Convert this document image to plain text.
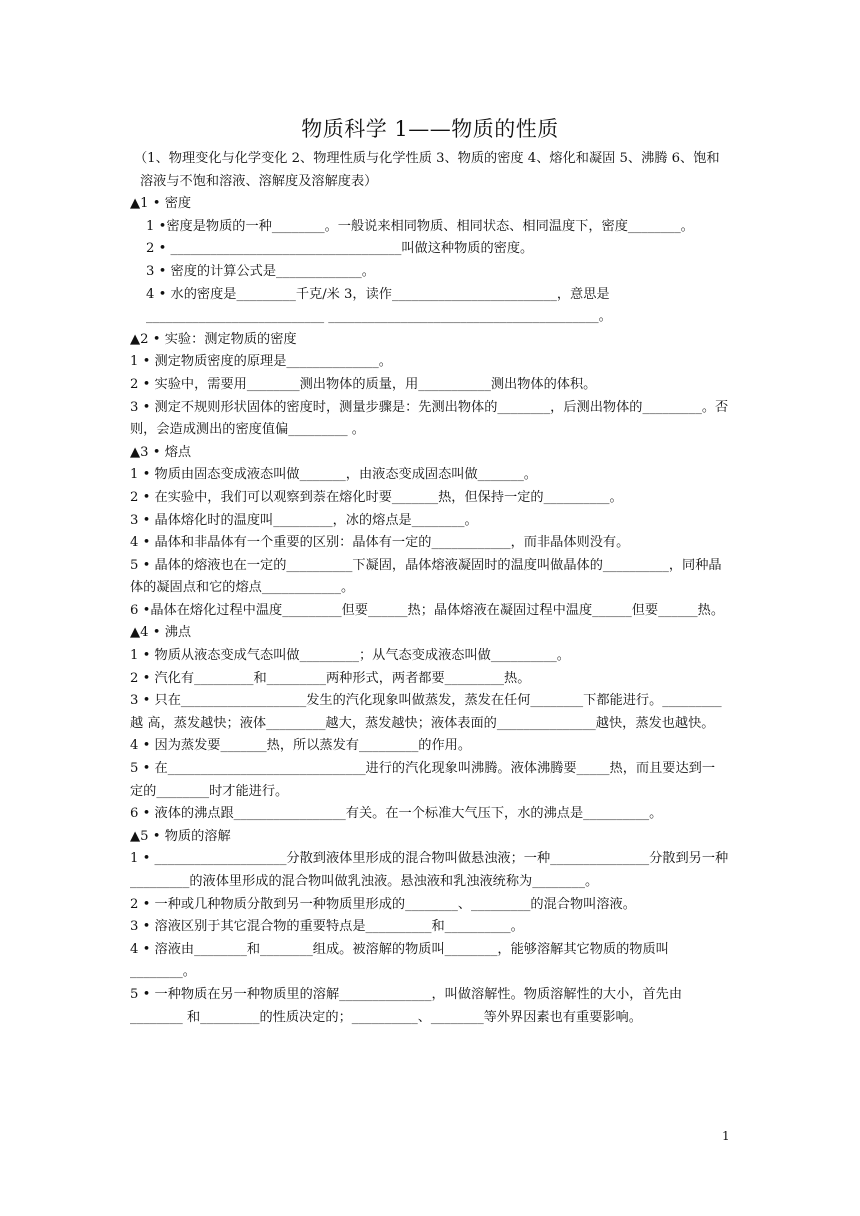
物质科学 1——物质的性质

（1、物理变化与化学变化 2、物理性质与化学性质 3、物质的密度 4、熔化和凝固 5、沸腾 6、饱和溶液与不饱和溶液、溶解度及溶解度表）

▲1 • 密度

1 •密度是物质的一种________。一般说来相同物质、相同状态、相同温度下，密度________。

2 • ___________________________________叫做这种物质的密度。

3 • 密度的计算公式是_____________。

4 • 水的密度是_________千克/米 3，读作_________________________，意思是 ___________________________ _________________________________________。

▲2 • 实验：测定物质的密度

1 • 测定物质密度的原理是______________。

2 • 实验中，需要用________测出物体的质量，用___________测出物体的体积。

3 • 测定不规则形状固体的密度时，测量步骤是：先测出物体的________，后测出物体的_________。否则，会造成测出的密度值偏_________ 。

▲3 • 熔点

1 • 物质由固态变成液态叫做_______，由液态变成固态叫做_______。

2 • 在实验中，我们可以观察到萘在熔化时要_______热，但保持一定的__________。

3 • 晶体熔化时的温度叫_________，冰的熔点是________。

4 • 晶体和非晶体有一个重要的区别：晶体有一定的____________，而非晶体则没有。

5 • 晶体的熔液也在一定的__________下凝固，晶体熔液凝固时的温度叫做晶体的__________，同种晶 体的凝固点和它的熔点____________。

6 •晶体在熔化过程中温度_________但要______热；晶体熔液在凝固过程中温度______但要______热。

▲4 • 沸点

1 • 物质从液态变成气态叫做_________；从气态变成液态叫做__________。

2 • 汽化有_________和_________两种形式，两者都要_________热。

3 • 只在___________________发生的汽化现象叫做蒸发，蒸发在任何________下都能进行。_________越 高，蒸发越快；液体_________越大，蒸发越快；液体表面的_______________越快，蒸发也越快。

4 • 因为蒸发要_______热，所以蒸发有_________的作用。

5 • 在______________________________进行的汽化现象叫沸腾。液体沸腾要_____热，而且要达到一 定的________时才能进行。

6 • 液体的沸点跟_________________有关。在一个标准大气压下，水的沸点是__________。

▲5 • 物质的溶解

1 • ____________________分散到液体里形成的混合物叫做悬浊液；一种_______________分散到另一种_________的液体里形成的混合物叫做乳浊液。悬浊液和乳浊液统称为________。

2 • 一种或几种物质分散到另一种物质里形成的________、_________的混合物叫溶液。

3 • 溶液区别于其它混合物的重要特点是__________和__________。

4 • 溶液由________和________组成。被溶解的物质叫________，能够溶解其它物质的物质叫________。

5 • 一种物质在另一种物质里的溶解______________，叫做溶解性。物质溶解性的大小，首先由________ 和_________的性质决定的；__________、________等外界因素也有重要影响。

1
